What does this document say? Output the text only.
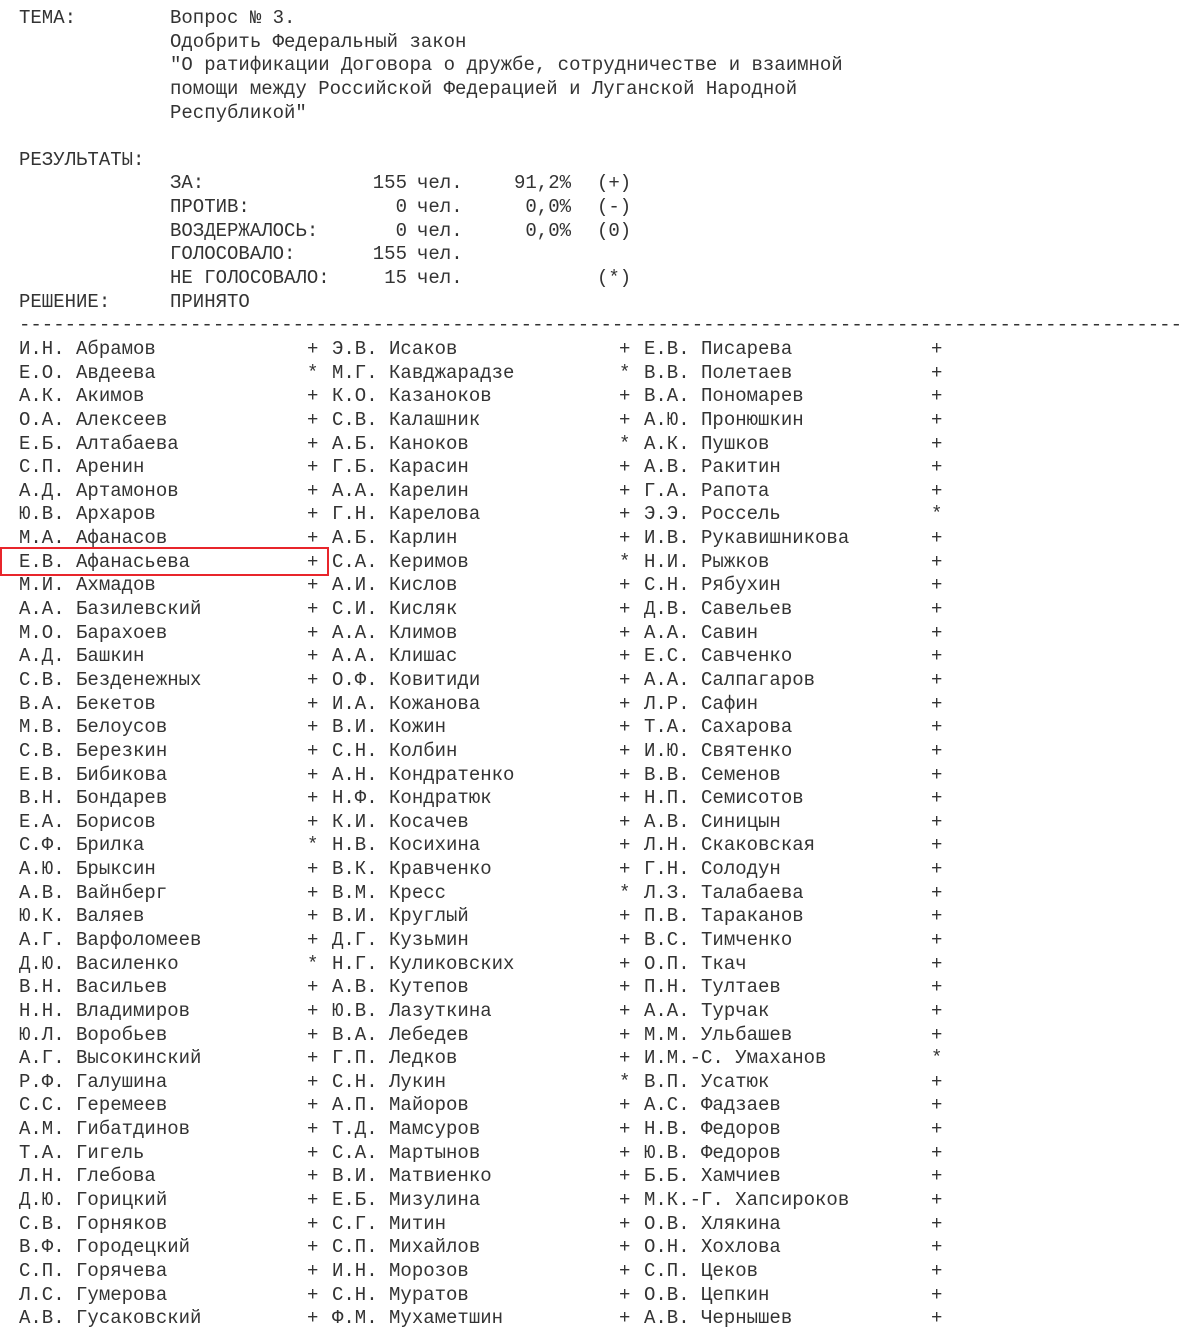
ТЕМА:	Вопрос № 3.
Одобрить Федеральный закон
"О ратификации Договора о дружбе, сотрудничестве и взаимной
помощи между Российской Федерацией и Луганской Народной
Республикой"
РЕЗУЛЬТАТЫ:
ЗА:	155 чел.	91,2% (+)
ПРОТИВ:	0 чел.	0,0% (-)
ВОЗДЕРЖАЛОСЬ:	0 чел.	0,0% (0)
ГОЛОСОВАЛО:	155 чел.
НЕ ГОЛОСОВАЛО:	15 чел.	(*)
РЕШЕНИЕ:	ПРИНЯТО
------------------------------------------------------------------------------------------------------
И.Н. Абрамов	+ Э.В. Исаков	+ Е.В. Писарева	+
Е.О. Авдеева	* М.Г. Кавджарадзе	* В.В. Полетаев	+
А.К. Акимов	+ К.О. Казаноков	+ В.А. Пономарев	+
О.А. Алексеев	+ С.В. Калашник	+ А.Ю. Пронюшкин	+
Е.Б. Алтабаева	+ А.Б. Каноков	* А.К. Пушков	+
С.П. Аренин	+ Г.Б. Карасин	+ А.В. Ракитин	+
А.Д. Артамонов	+ А.А. Карелин	+ Г.А. Рапота	+
Ю.В. Архаров	+ Г.Н. Карелова	+ Э.Э. Россель	*
М.А. Афанасов	+ А.Б. Карлин	+ И.В. Рукавишникова	+
Е.В. Афанасьева	+ С.А. Керимов	* Н.И. Рыжков	+
М.И. Ахмадов	+ А.И. Кислов	+ С.Н. Рябухин	+
А.А. Базилевский	+ С.И. Кисляк	+ Д.В. Савельев	+
М.О. Барахоев	+ А.А. Климов	+ А.А. Савин	+
А.Д. Башкин	+ А.А. Клишас	+ Е.С. Савченко	+
С.В. Безденежных	+ О.Ф. Ковитиди	+ А.А. Салпагаров	+
В.А. Бекетов	+ И.А. Кожанова	+ Л.Р. Сафин	+
М.В. Белоусов	+ В.И. Кожин	+ Т.А. Сахарова	+
С.В. Березкин	+ С.Н. Колбин	+ И.Ю. Святенко	+
Е.В. Бибикова	+ А.Н. Кондратенко	+ В.В. Семенов	+
В.Н. Бондарев	+ Н.Ф. Кондратюк	+ Н.П. Семисотов	+
Е.А. Борисов	+ К.И. Косачев	+ А.В. Синицын	+
С.Ф. Брилка	* Н.В. Косихина	+ Л.Н. Скаковская	+
А.Ю. Брыксин	+ В.К. Кравченко	+ Г.Н. Солодун	+
А.В. Вайнберг	+ В.М. Кресс	* Л.З. Талабаева	+
Ю.К. Валяев	+ В.И. Круглый	+ П.В. Тараканов	+
А.Г. Варфоломеев	+ Д.Г. Кузьмин	+ В.С. Тимченко	+
Д.Ю. Василенко	* Н.Г. Куликовских	+ О.П. Ткач	+
В.Н. Васильев	+ А.В. Кутепов	+ П.Н. Тултаев	+
Н.Н. Владимиров	+ Ю.В. Лазуткина	+ А.А. Турчак	+
Ю.Л. Воробьев	+ В.А. Лебедев	+ М.М. Ульбашев	+
А.Г. Высокинский	+ Г.П. Ледков	+ И.М.-С. Умаханов	*
Р.Ф. Галушина	+ С.Н. Лукин	* В.П. Усатюк	+
С.С. Геремеев	+ А.П. Майоров	+ А.С. Фадзаев	+
А.М. Гибатдинов	+ Т.Д. Мамсуров	+ Н.В. Федоров	+
Т.А. Гигель	+ С.А. Мартынов	+ Ю.В. Федоров	+
Л.Н. Глебова	+ В.И. Матвиенко	+ Б.Б. Хамчиев	+
Д.Ю. Горицкий	+ Е.Б. Мизулина	+ М.К.-Г. Хапсироков	+
С.В. Горняков	+ С.Г. Митин	+ О.В. Хлякина	+
В.Ф. Городецкий	+ С.П. Михайлов	+ О.Н. Хохлова	+
С.П. Горячева	+ И.Н. Морозов	+ С.П. Цеков	+
Л.С. Гумерова	+ С.Н. Муратов	+ О.В. Цепкин	+
А.В. Гусаковский	+ Ф.М. Мухаметшин	+ А.В. Чернышев	+
